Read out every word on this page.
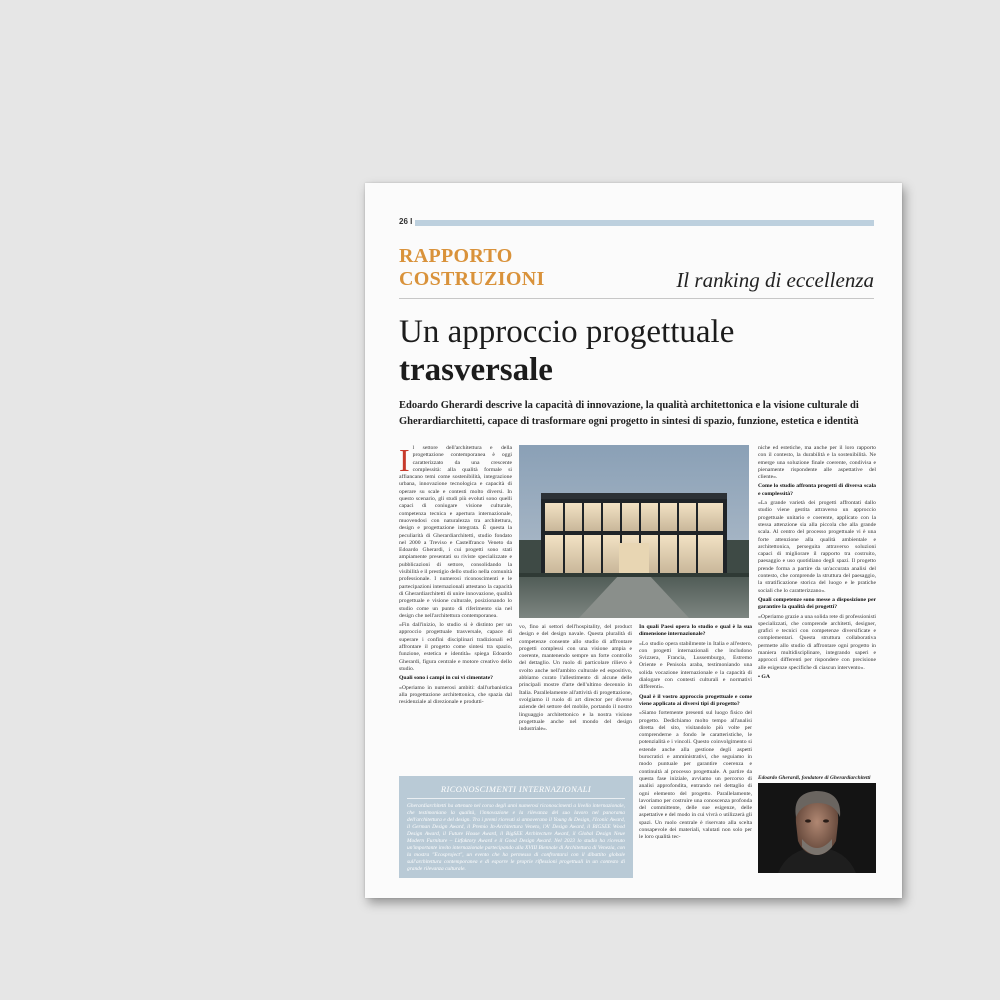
26 I
RAPPORTO
COSTRUZIONI	Il ranking di eccellenza

Un approccio progettuale
trasversale

Edoardo Gherardi descrive la capacità di innovazione, la qualità architettonica e la visione culturale di Gherardiarchitetti, capace di trasformare ogni progetto in sintesi di spazio, funzione, estetica e identità

Il settore dell'architettura e della progettazione contemporanea è oggi caratterizzato da una crescente complessità: alla qualità formale si affiancano temi come sostenibilità, integrazione urbana, innovazione tecnologica e capacità di operare su scale e contesti molto diversi. In questo scenario, gli studi più evoluti sono quelli capaci di coniugare visione culturale, competenza tecnica e apertura internazionale, muovendosi con naturalezza tra architettura, design e progettazione integrata. È questa la peculiarità di Gherardiarchitetti, studio fondato nel 2000 a Treviso e Castelfranco Veneto da Edoardo Gherardi, i cui progetti sono stati ampiamente presentati su riviste specializzate e pubblicazioni di settore, consolidando la visibilità e il prestigio dello studio nella comunità professionale. I numerosi riconoscimenti e le partecipazioni internazionali attestano la capacità di Gherardiarchitetti di unire innovazione, qualità progettuale e visione culturale, posizionando lo studio come un punto di riferimento sia nel design che nell'architettura contemporanea.

«Fin dall'inizio, lo studio si è distinto per un approccio progettuale trasversale, capace di superare i confini disciplinari tradizionali ed affrontare il progetto come sintesi tra spazio, funzione, estetica e identità» spiega Edoardo Gherardi, figura centrale e motore creativo dello studio.

Quali sono i campi in cui vi cimentate?

«Operiamo in numerosi ambiti: dall'urbanistica alla progettazione architettonica, che spazia dal residenziale al direzionale e produtti-

vo, fino ai settori dell'hospitality, del product design e del design navale. Questa pluralità di competenze consente allo studio di affrontare progetti complessi con una visione ampia e coerente, mantenendo sempre un forte controllo del dettaglio. Un ruolo di particolare rilievo è svolto anche nell'ambito culturale ed espositivo, abbiamo curato l'allestimento di alcune delle principali mostre d'arte dell'ultimo decennio in Italia. Parallelamente all'attività di progettazione, svolgiamo il ruolo di art director per diverse aziende del settore del mobile, portando il nostro linguaggio architettonico e la nostra visione progettuale anche nel mondo del design industriale».

In quali Paesi opera lo studio e qual è la sua dimensione internazionale?

«Lo studio opera stabilmente in Italia e all'estero, con progetti internazionali che includono Svizzera, Francia, Lussemburgo, Estremo Oriente e Penisola araba, testimoniando una solida vocazione internazionale e la capacità di dialogare con contesti culturali e normativi differenti».

Qual è il vostro approccio progettuale e come viene applicato ai diversi tipi di progetto?

«Siamo fortemente presenti sul luogo fisico del progetto. Dedichiamo molto tempo all'analisi diretta del sito, visitandolo più volte per comprenderne a fondo le caratteristiche, le potenzialità e i vincoli. Questo coinvolgimento si estende anche alla gestione degli aspetti burocratici e amministrativi, che seguiamo in modo puntuale per garantire coerenza e continuità al processo progettuale. A partire da questa fase iniziale, avviamo un percorso di analisi approfondita, entrando nel dettaglio di ogni elemento del progetto. Parallelamente, lavoriamo per costruire una conoscenza profonda del committente, delle sue esigenze, delle aspettative e del modo in cui vivrà o utilizzerà gli spazi. Un ruolo centrale è riservato alla scelta consapevole dei materiali, valutati non solo per le loro qualità tec-

niche ed estetiche, ma anche per il loro rapporto con il contesto, la durabilità e la sostenibilità. Ne emerge una soluzione finale coerente, condivisa e pienamente rispondente alle aspettative del cliente».

Come lo studio affronta progetti di diversa scala e complessità?

«La grande varietà dei progetti affrontati dallo studio viene gestita attraverso un approccio progettuale unitario e coerente, applicato con la stessa attenzione sia alla piccola che alla grande scala. Al centro del processo progettuale vi è una forte attenzione alla qualità ambientale e architettonica, perseguita attraverso soluzioni capaci di migliorare il rapporto tra costruito, paesaggio e uso quotidiano degli spazi. Il progetto prende forma a partire da un'accurata analisi del contesto, che comprende la struttura del paesaggio, la stratificazione storica del luogo e le pratiche sociali che lo caratterizzano».

Quali competenze sono messe a disposizione per garantire la qualità dei progetti?

«Operiamo grazie a una solida rete di professionisti specializzati, che comprende architetti, designer, grafici e tecnici con competenze diversificate e complementari. Questa struttura collaborativa permette allo studio di affrontare ogni progetto in maniera multidisciplinare, integrando saperi e approcci differenti per rispondere con precisione alle esigenze specifiche di ciascun intervento».

• GA

RICONOSCIMENTI INTERNAZIONALI

Gherardiarchitetti ha ottenuto nel corso degli anni numerosi riconoscimenti a livello internazionale, che testimoniano la qualità, l'innovazione e la rilevanza del suo lavoro nel panorama dell'architettura e del design. Tra i premi ricevuti si annoverano il Young & Design, l'Iconic Award, il German Design Award, il Premio In-Architettura Veneto, l'A' Design Award, il BIGSEE Wood Design Award, il Future House Award, il BigSEE Architecture Award, il Global Design Neue Modern Furniture – Litfaktory Award e il Good Design Award. Nel 2023 lo studio ha ricevuto un'importante invito internazionale partecipando alla XVIII Biennale di Architettura di Venezia, con la mostra "Ecosproject", un evento che ha permesso di confrontarsi con il dibattito globale sull'architettura contemporanea e di esporre le proprie riflessioni progettuali in un contesto di grande rilevanza culturale.

Edoardo Gherardi, fondatore di Gherardiarchitetti
